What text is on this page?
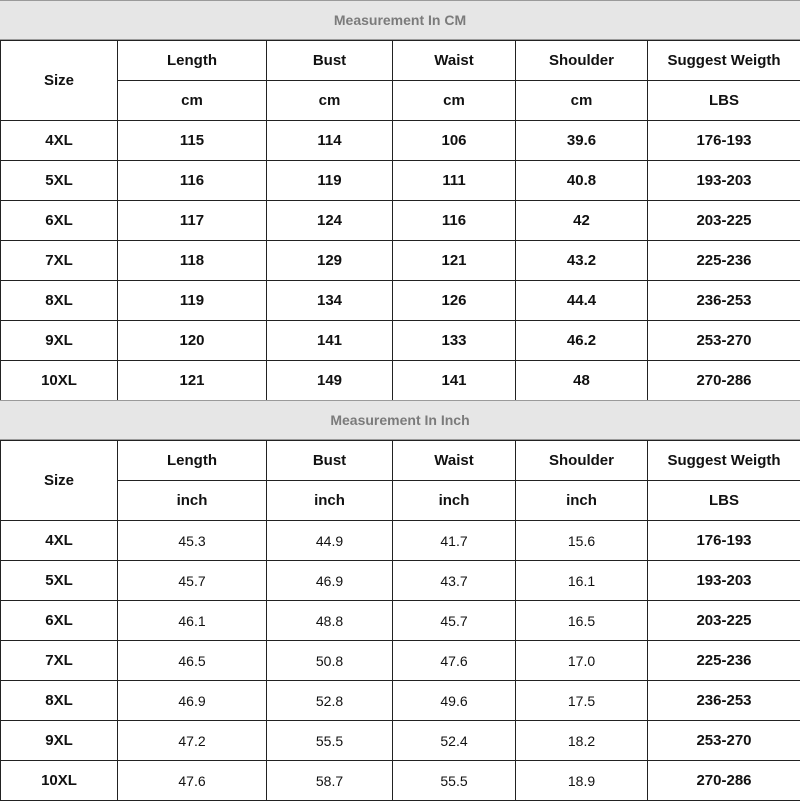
Measurement In CM
Size	Length	Bust	Waist	Shoulder	Suggest Weigth
	cm	cm	cm	cm	LBS
4XL	115	114	106	39.6	176-193
5XL	116	119	111	40.8	193-203
6XL	117	124	116	42	203-225
7XL	118	129	121	43.2	225-236
8XL	119	134	126	44.4	236-253
9XL	120	141	133	46.2	253-270
10XL	121	149	141	48	270-286
Measurement In Inch
Size	Length	Bust	Waist	Shoulder	Suggest Weigth
	inch	inch	inch	inch	LBS
4XL	45.3	44.9	41.7	15.6	176-193
5XL	45.7	46.9	43.7	16.1	193-203
6XL	46.1	48.8	45.7	16.5	203-225
7XL	46.5	50.8	47.6	17.0	225-236
8XL	46.9	52.8	49.6	17.5	236-253
9XL	47.2	55.5	52.4	18.2	253-270
10XL	47.6	58.7	55.5	18.9	270-286
